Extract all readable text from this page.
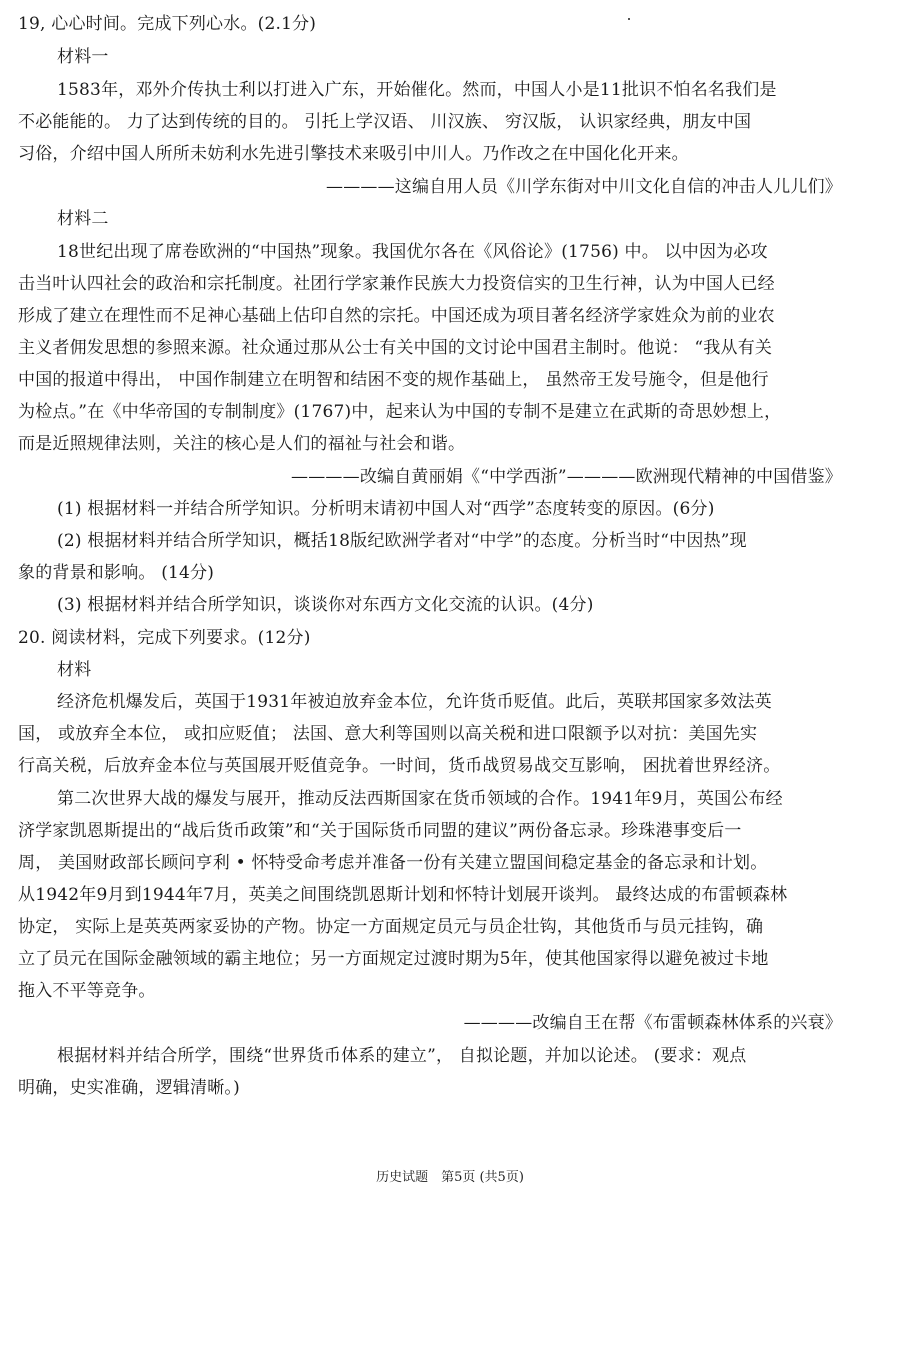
19, 心心时间。完成下列心水。(2.1分)
材料一
1583年，邓外介传执士利以打进入广东，开始催化。然而，中国人小是11批识不怕名名我们是
不必能能的。 力了达到传统的目的。 引托上学汉语、 川汉族、 穷汉版， 认识家经典，朋友中国
习俗，介绍中国人所所未妨利水先进引擎技术来吸引中川人。乃作改之在中国化化开来。
————这编自用人员《川学东街对中川文化自信的冲击人儿儿们》
材料二
18世纪出现了席卷欧洲的“中国热”现象。我国优尔各在《风俗论》(1756) 中。 以中因为必攻
击当叶认四社会的政治和宗托制度。社团行学家兼作民族大力投资信实的卫生行神，认为中国人已经
形成了建立在理性而不足神心基础上估印自然的宗托。中国还成为项目著名经济学家姓众为前的业农
主义者佣发思想的参照来源。社众通过那从公士有关中国的文讨论中国君主制时。他说： “我从有关
中国的报道中得出， 中国作制建立在明智和结困不变的规作基础上， 虽然帝王发号施令，但是他行
为检点。”在《中华帝国的专制制度》(1767)中，起来认为中国的专制不是建立在武斯的奇思妙想上，
而是近照规律法则，关注的核心是人们的福祉与社会和谐。
————改编自黄丽娟《“中学西浙”————欧洲现代精神的中国借鉴》
(1) 根据材料一并结合所学知识。分析明末请初中国人对“西学”态度转变的原因。(6分)
(2) 根据材料并结合所学知识，概括18版纪欧洲学者对“中学”的态度。分析当时“中因热”现
象的背景和影响。 (14分)
(3) 根据材料并结合所学知识，谈谈你对东西方文化交流的认识。(4分)
20. 阅读材料，完成下列要求。(12分)
材料
经济危机爆发后，英国于1931年被迫放弃金本位，允许货币贬值。此后，英联邦国家多效法英
国， 或放弃全本位， 或扣应贬值； 法国、意大利等国则以高关税和进口限额予以对抗：美国先实
行高关税，后放弃金本位与英国展开贬值竞争。一时间，货币战贸易战交互影响， 困扰着世界经济。
第二次世界大战的爆发与展开，推动反法西斯国家在货币领域的合作。1941年9月，英国公布经
济学家凯恩斯提出的“战后货币政策”和“关于国际货币同盟的建议”两份备忘录。珍珠港事变后一
周， 美国财政部长顾问亨利 • 怀特受命考虑并准备一份有关建立盟国间稳定基金的备忘录和计划。
从1942年9月到1944年7月，英美之间围绕凯恩斯计划和怀特计划展开谈判。 最终达成的布雷顿森林
协定， 实际上是英英两家妥协的产物。协定一方面规定员元与员企壮钩，其他货币与员元挂钩，确
立了员元在国际金融领域的霸主地位；另一方面规定过渡时期为5年，使其他国家得以避免被过卡地
拖入不平等竞争。
————改编自王在帮《布雷顿森林体系的兴衰》
根据材料并结合所学，围绕“世界货币体系的建立”， 自拟论题，并加以论述。 (要求：观点
明确，史实准确，逻辑清晰。)
历史试题　第5页 (共5页)
